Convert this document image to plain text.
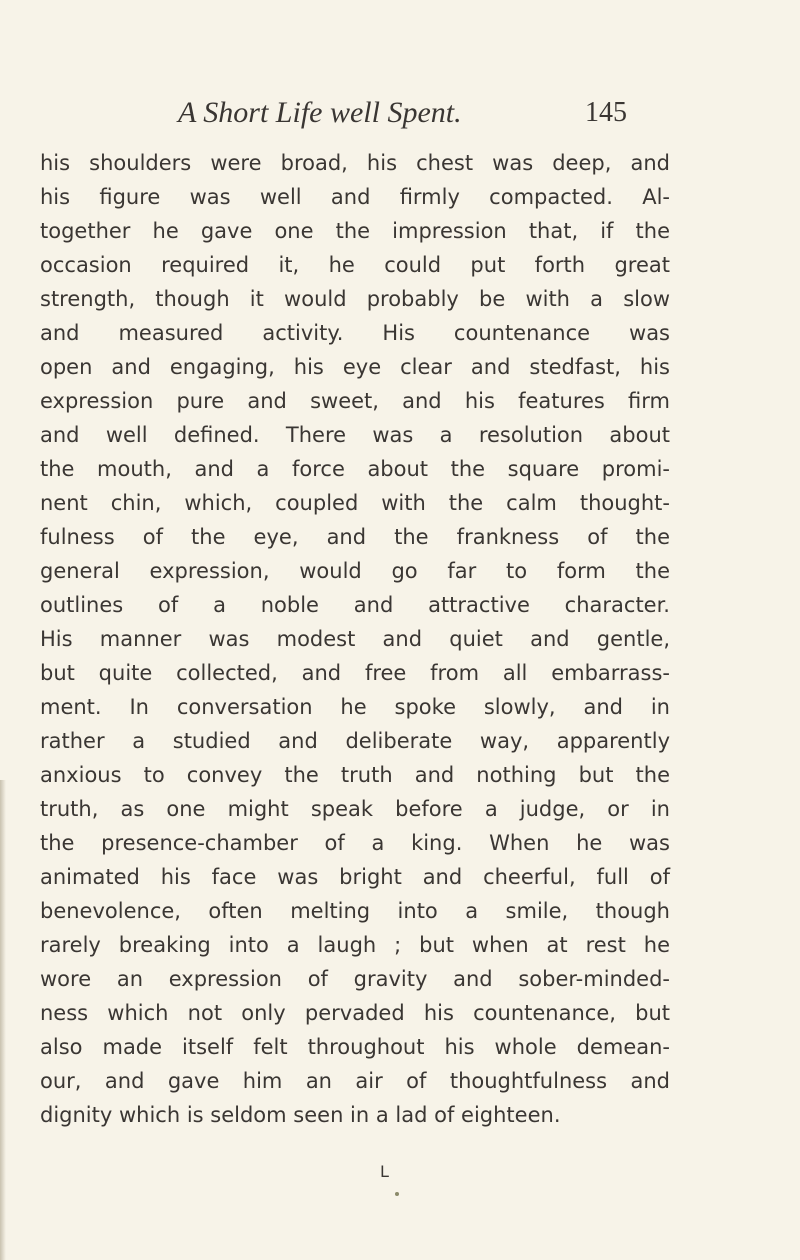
A Short Life well Spent.	145
his shoulders were broad, his chest was deep, and
his figure was well and firmly compacted. Al-
together he gave one the impression that, if the
occasion required it, he could put forth great
strength, though it would probably be with a slow
and measured activity. His countenance was
open and engaging, his eye clear and stedfast, his
expression pure and sweet, and his features firm
and well defined. There was a resolution about
the mouth, and a force about the square promi-
nent chin, which, coupled with the calm thought-
fulness of the eye, and the frankness of the
general expression, would go far to form the
outlines of a noble and attractive character.
His manner was modest and quiet and gentle,
but quite collected, and free from all embarrass-
ment. In conversation he spoke slowly, and in
rather a studied and deliberate way, apparently
anxious to convey the truth and nothing but the
truth, as one might speak before a judge, or in
the presence-chamber of a king. When he was
animated his face was bright and cheerful, full of
benevolence, often melting into a smile, though
rarely breaking into a laugh ; but when at rest he
wore an expression of gravity and sober-minded-
ness which not only pervaded his countenance, but
also made itself felt throughout his whole demean-
our, and gave him an air of thoughtfulness and
dignity which is seldom seen in a lad of eighteen.
L
